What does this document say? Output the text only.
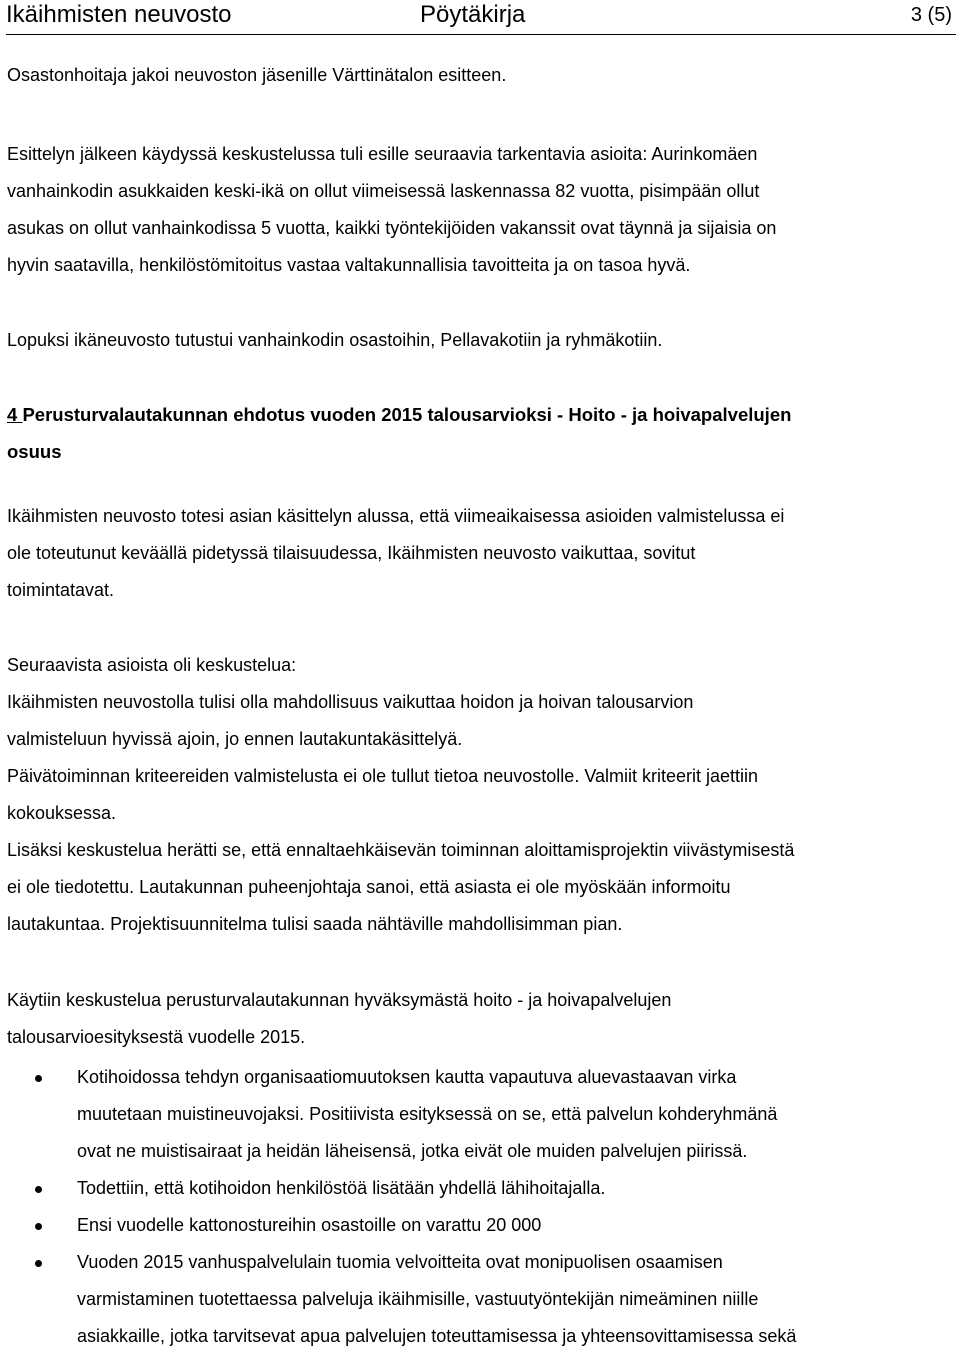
Ikäihmisten neuvosto	Pöytäkirja	3 (5)
Osastonhoitaja jakoi neuvoston jäsenille Värttinätalon esitteen.
Esittelyn jälkeen käydyssä keskustelussa tuli esille seuraavia tarkentavia asioita: Aurinkomäen
vanhainkodin asukkaiden keski-ikä on ollut viimeisessä laskennassa 82 vuotta, pisimpään ollut
asukas on ollut vanhainkodissa 5 vuotta, kaikki työntekijöiden vakanssit ovat täynnä ja sijaisia on
hyvin saatavilla, henkilöstömitoitus vastaa valtakunnallisia tavoitteita ja on tasoa hyvä.
Lopuksi ikäneuvosto tutustui vanhainkodin osastoihin, Pellavakotiin ja ryhmäkotiin.
4 Perusturvalautakunnan ehdotus vuoden 2015 talousarvioksi - Hoito - ja hoivapalvelujen
osuus
Ikäihmisten neuvosto totesi asian käsittelyn alussa, että viimeaikaisessa asioiden valmistelussa ei
ole toteutunut keväällä pidetyssä tilaisuudessa, Ikäihmisten neuvosto vaikuttaa, sovitut
toimintatavat.
Seuraavista asioista oli keskustelua:
Ikäihmisten neuvostolla tulisi olla mahdollisuus vaikuttaa hoidon ja hoivan talousarvion
valmisteluun hyvissä ajoin, jo ennen lautakuntakäsittelyä.
Päivätoiminnan kriteereiden valmistelusta ei ole tullut tietoa neuvostolle. Valmiit kriteerit jaettiin
kokouksessa.
Lisäksi keskustelua herätti se, että ennaltaehkäisevän toiminnan aloittamisprojektin viivästymisestä
ei ole tiedotettu. Lautakunnan puheenjohtaja sanoi, että asiasta ei ole myöskään informoitu
lautakuntaa. Projektisuunnitelma tulisi saada nähtäville mahdollisimman pian.
Käytiin keskustelua perusturvalautakunnan hyväksymästä hoito - ja hoivapalvelujen
talousarvioesityksestä vuodelle 2015.
Kotihoidossa tehdyn organisaatiomuutoksen kautta vapautuva aluevastaavan virka
muutetaan muistineuvojaksi. Positiivista esityksessä on se, että palvelun kohderyhmänä
ovat ne muistisairaat ja heidän läheisensä, jotka eivät ole muiden palvelujen piirissä.
Todettiin, että kotihoidon henkilöstöä lisätään yhdellä lähihoitajalla.
Ensi vuodelle kattonostureihin osastoille on varattu 20 000
Vuoden 2015 vanhuspalvelulain tuomia velvoitteita ovat monipuolisen osaamisen
varmistaminen tuotettaessa palveluja ikäihmisille, vastuutyöntekijän nimeäminen niille
asiakkaille, jotka tarvitsevat apua palvelujen toteuttamisessa ja yhteensovittamisessa sekä
